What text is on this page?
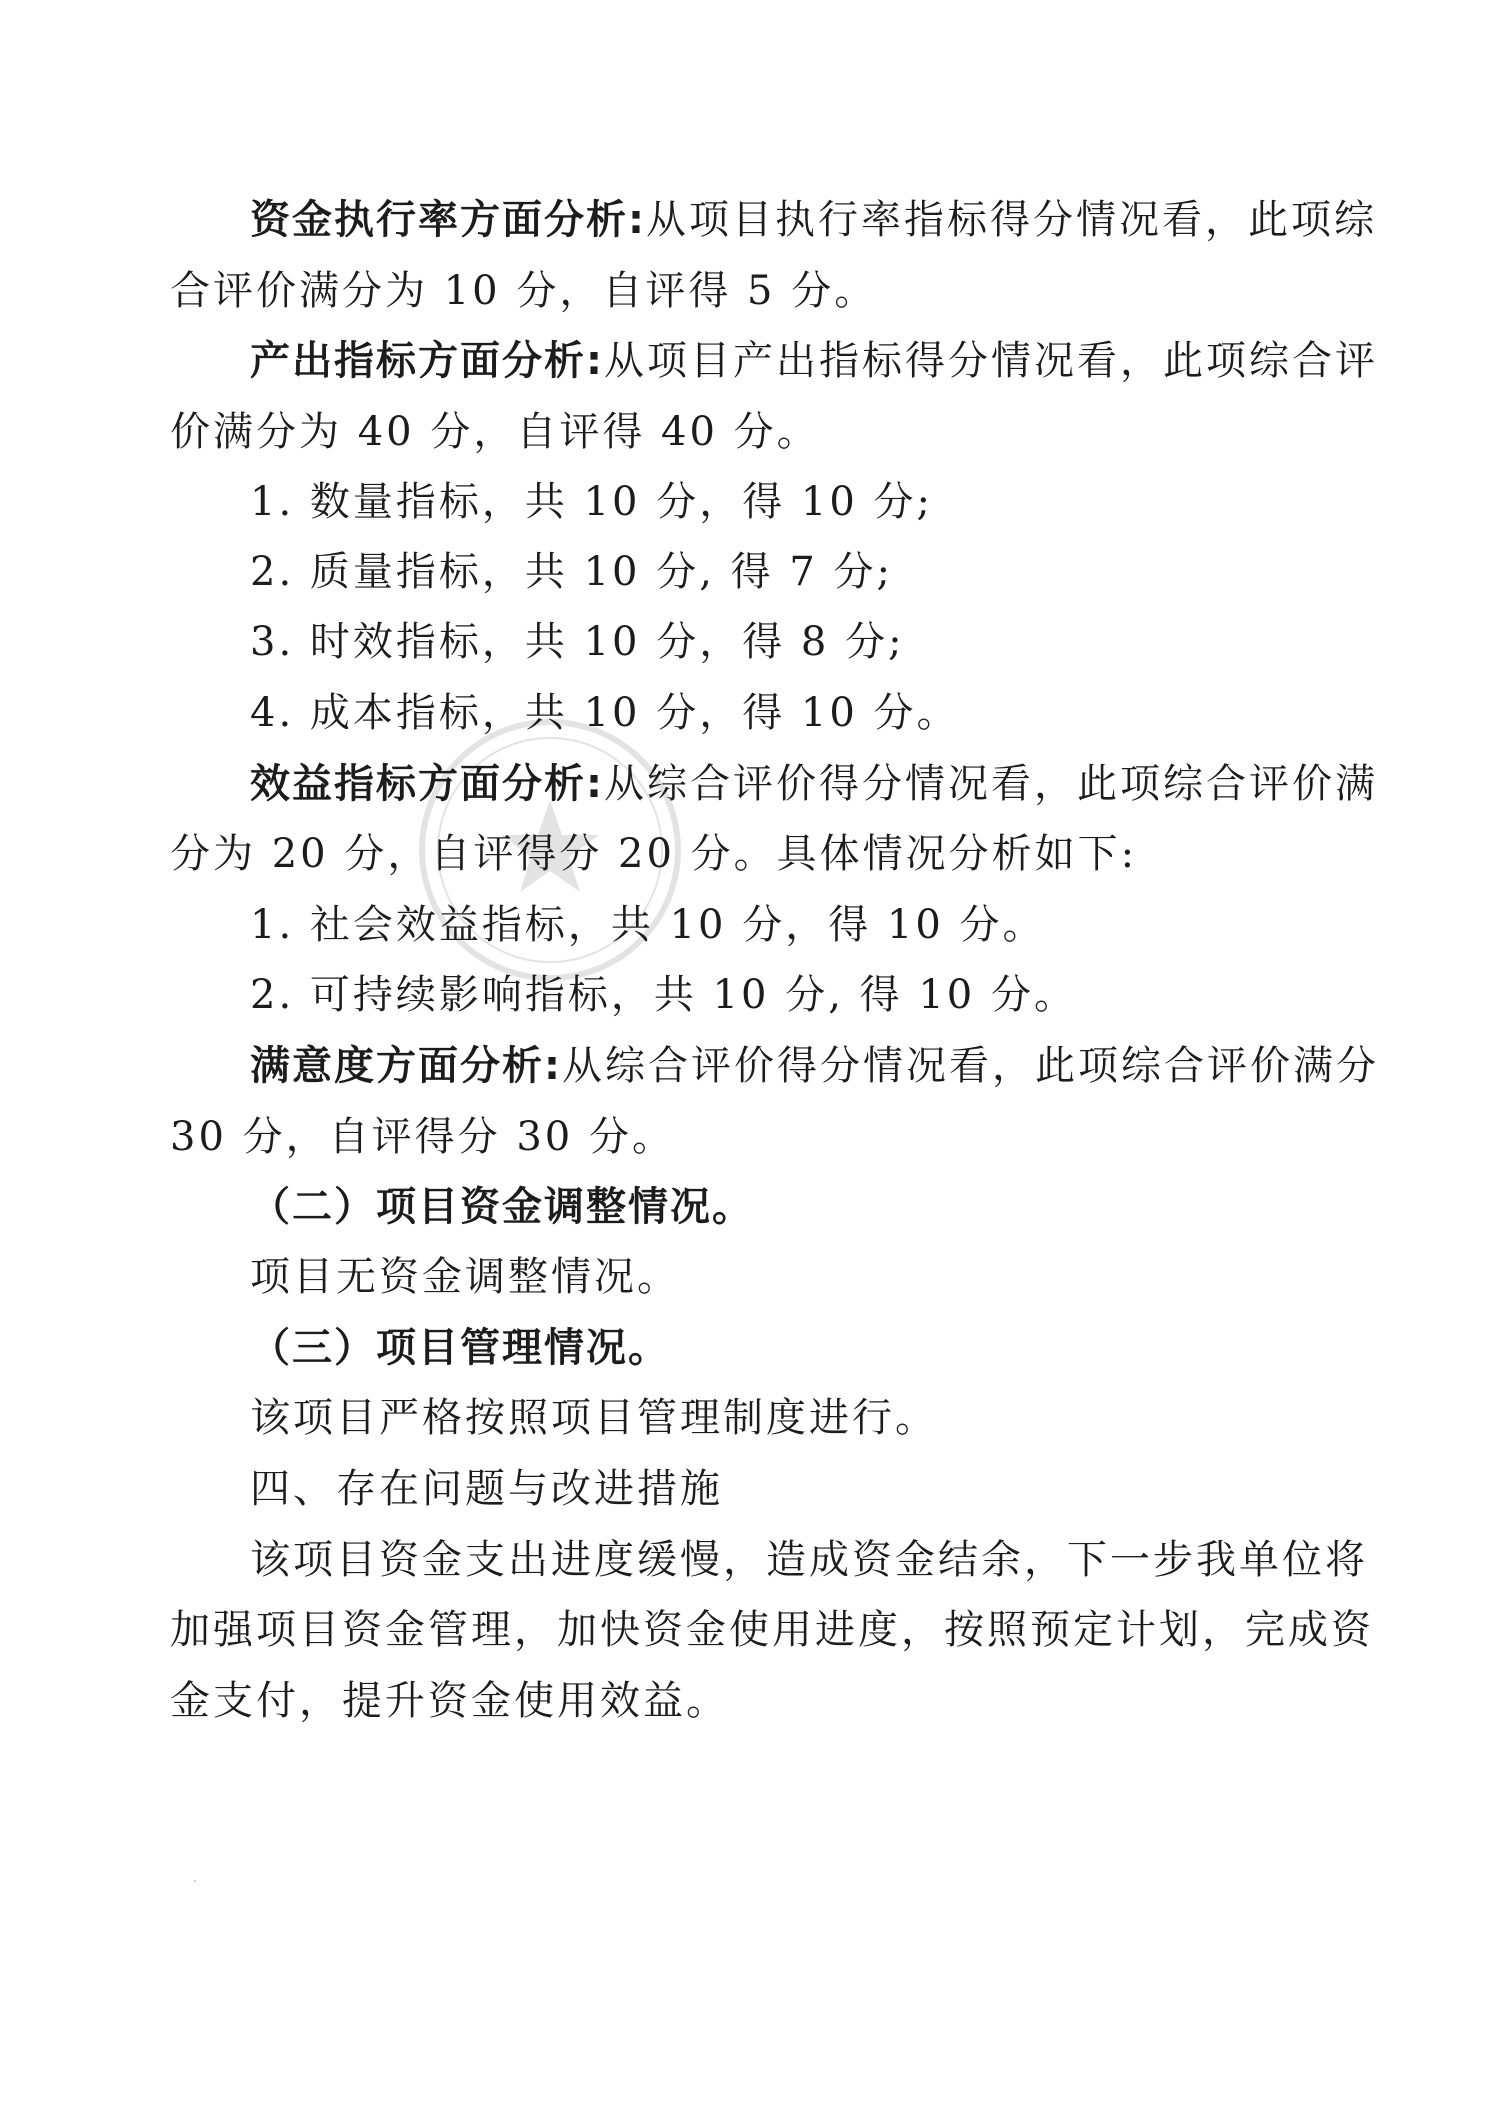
资金执行率方面分析:从项目执行率指标得分情况看，此项综
合评价满分为 10 分，自评得 5 分。
产出指标方面分析:从项目产出指标得分情况看，此项综合评
价满分为 40 分，自评得 40 分。
1. 数量指标，共 10 分，得 10 分;
2. 质量指标，共 10 分, 得 7 分;
3. 时效指标，共 10 分，得 8 分;
4. 成本指标，共 10 分，得 10 分。
效益指标方面分析:从综合评价得分情况看，此项综合评价满
分为 20 分，自评得分 20 分。具体情况分析如下:
1. 社会效益指标，共 10 分，得 10 分。
2. 可持续影响指标，共 10 分, 得 10 分。
满意度方面分析:从综合评价得分情况看，此项综合评价满分
30 分，自评得分 30 分。
（二）项目资金调整情况。
项目无资金调整情况。
（三）项目管理情况。
该项目严格按照项目管理制度进行。
四、存在问题与改进措施
该项目资金支出进度缓慢，造成资金结余，下一步我单位将
加强项目资金管理，加快资金使用进度，按照预定计划，完成资
金支付，提升资金使用效益。
